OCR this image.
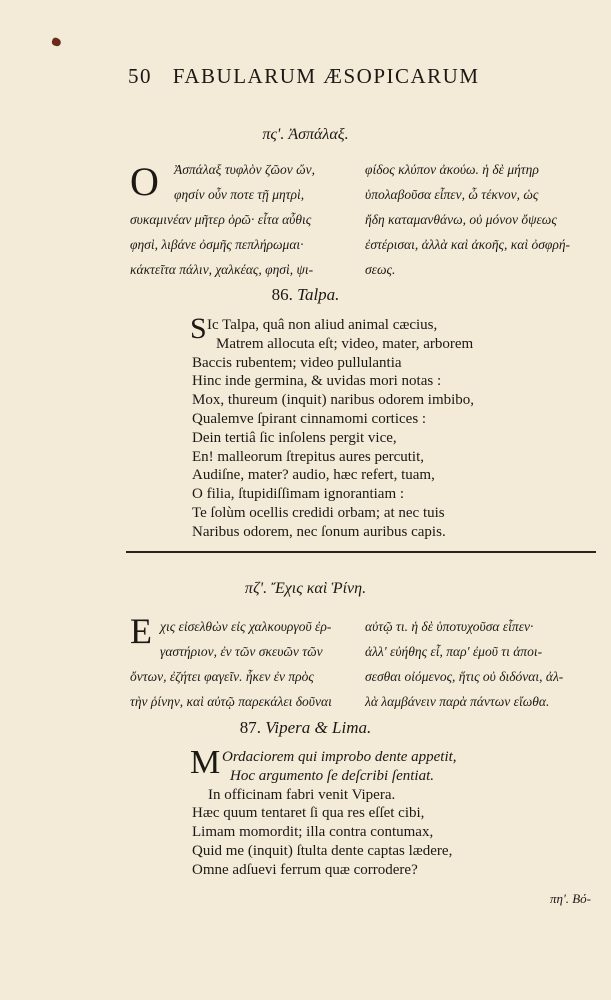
50 FABULARUM ÆSOPICARUM
πς'. Ἀσπάλαξ.
Ο Ἀσπάλαξ τυφλὸν ζῶον ὤν,
φησίν οὖν ποτε τῇ μητρὶ,
συκαμινέαν μῆτερ ὁρῶ· εἶτα αὖθις
φησὶ, λιβάνε ὀσμῆς πεπλήρωμαι·
κάκτεῖτα πάλιν, χαλκέας, φησὶ, ψι-
φίδος κλύπον ἀκούω. ἡ δὲ μήτηρ
ὑπολαβοῦσα εἶπεν, ὦ τέκνον, ὡς
ἤδη καταμανθάνω, οὐ μόνον ὄψεως
ἐστέρισαι, ἀλλὰ καὶ ἀκοῆς, καὶ ὀσφρή-
σεως.
86. Talpa.
S Ic Talpa, quâ non aliud animal cæcius,
Matrem allocuta eſt; video, mater, arborem
Baccis rubentem; video pullulantia
Hinc inde germina, & uvidas mori notas :
Mox, thureum (inquit) naribus odorem imbibo,
Qualemve ſpirant cinnamomi cortices :
Dein tertiâ ſic inſolens pergit vice,
En! malleorum ſtrepitus aures percutit,
Audiſne, mater? audio, hæc refert, tuam,
O filia, ſtupidiſſimam ignorantiam :
Te ſolùm ocellis credidi orbam; at nec tuis
Naribus odorem, nec ſonum auribus capis.
πζ'. Ἔχις καὶ Ῥίνη.
Ε χις εἰσελθὼν εἰς χαλκουργοῦ ἐρ-
γαστήριον, ἐν τῶν σκευῶν τῶν
ὄντων, ἐζήτει φαγεῖν. ἧκεν ἐν πρὸς
τὴν ῥίνην, καὶ αὐτῷ παρεκάλει δοῦναι
αὐτῷ τι. ἡ δὲ ὑποτυχοῦσα εἶπεν·
ἀλλ' εὐήθης εἶ, παρ' ἐμοῦ τι ἀποι-
σεσθαι οἰόμενος, ἥτις οὐ διδόναι, ἀλ-
λὰ λαμβάνειν παρὰ πάντων εἴωθα.
87. Vipera & Lima.
M Ordaciorem qui improbo dente appetit,
Hoc argumento ſe deſcribi ſentiat.
In officinam fabri venit Vipera.
Hæc quum tentaret ſi qua res eſſet cibi,
Limam momordit; illa contra contumax,
Quid me (inquit) ſtulta dente captas lædere,
Omne adſuevi ferrum quæ corrodere?
πη'. Βό-
